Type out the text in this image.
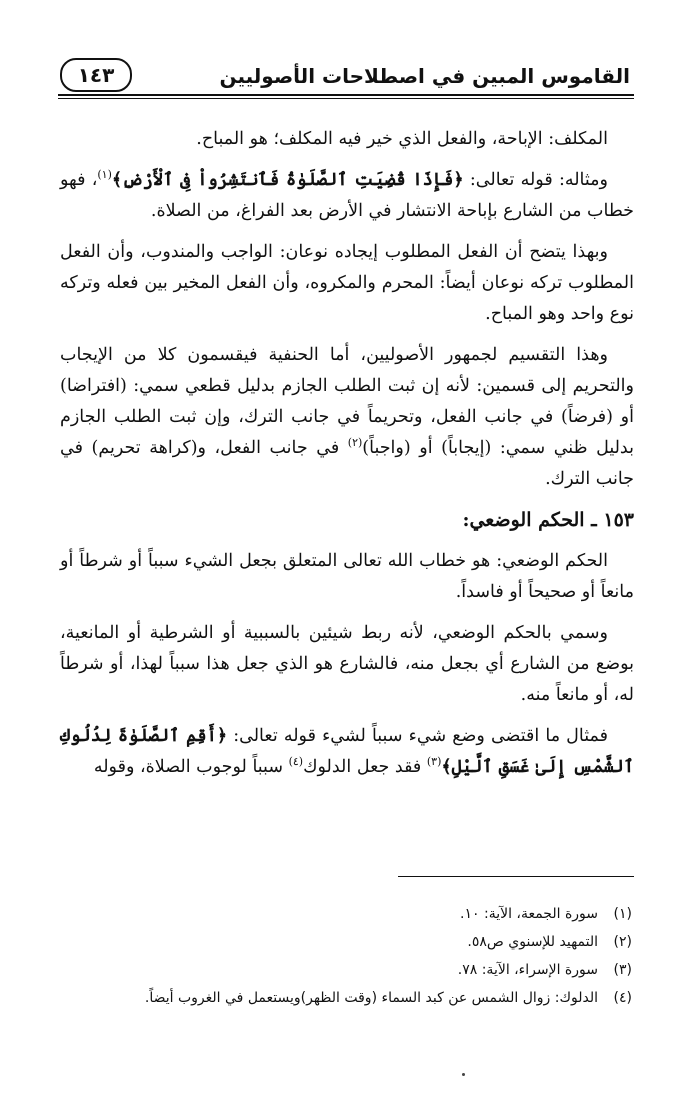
القاموس المبين في اصطلاحات الأصوليين
١٤٣

المكلف: الإباحة، والفعل الذي خير فيه المكلف؛ هو المباح.

ومثاله: قوله تعالى: ﴿فَإِذَا قُضِيَتِ ٱلصَّلَوٰةُ فَٱنتَشِرُواْ فِى ٱلْأَرْضِ﴾$^{(١)}$، فهو خطاب من الشارع بإباحة الانتشار في الأرض بعد الفراغ، من الصلاة.

وبهذا يتضح أن الفعل المطلوب إيجاده نوعان: الواجب والمندوب، وأن الفعل المطلوب تركه نوعان أيضاً: المحرم والمكروه، وأن الفعل المخير بين فعله وتركه نوع واحد وهو المباح.

وهذا التقسيم لجمهور الأصوليين، أما الحنفية فيقسمون كلا من الإيجاب والتحريم إلى قسمين: لأنه إن ثبت الطلب الجازم بدليل قطعي سمي: (افتراضا) أو (فرضاً) في جانب الفعل، وتحريماً في جانب الترك، وإن ثبت الطلب الجازم بدليل ظني سمي: (إيجاباً) أو (واجباً)$^{(٢)}$ في جانب الفعل، و(كراهة تحريم) في جانب الترك.

١٥٣ ـ الحكم الوضعي:

الحكم الوضعي: هو خطاب الله تعالى المتعلق بجعل الشيء سبباً أو شرطاً أو مانعاً أو صحيحاً أو فاسداً.

وسمي بالحكم الوضعي، لأنه ربط شيئين بالسببية أو الشرطية أو المانعية، بوضع من الشارع أي بجعل منه، فالشارع هو الذي جعل هذا سبباً لهذا، أو شرطاً له، أو مانعاً منه.

فمثال ما اقتضى وضع شيء سبباً لشيء قوله تعالى: ﴿أَقِمِ ٱلصَّلَوٰةَ لِدُلُوكِ ٱلشَّمْسِ إِلَىٰ غَسَقِ ٱلَّيْلِ﴾$^{(٣)}$ فقد جعل الدلوك$^{(٤)}$ سبباً لوجوب الصلاة، وقوله

(١)
سورة الجمعة، الآية: ١٠.
(٢)
التمهيد للإسنوي ص٥٨.
(٣)
سورة الإسراء، الآية: ٧٨.
(٤)
الدلوك: زوال الشمس عن كبد السماء (وقت الظهر)ويستعمل في الغروب أيضاً.
